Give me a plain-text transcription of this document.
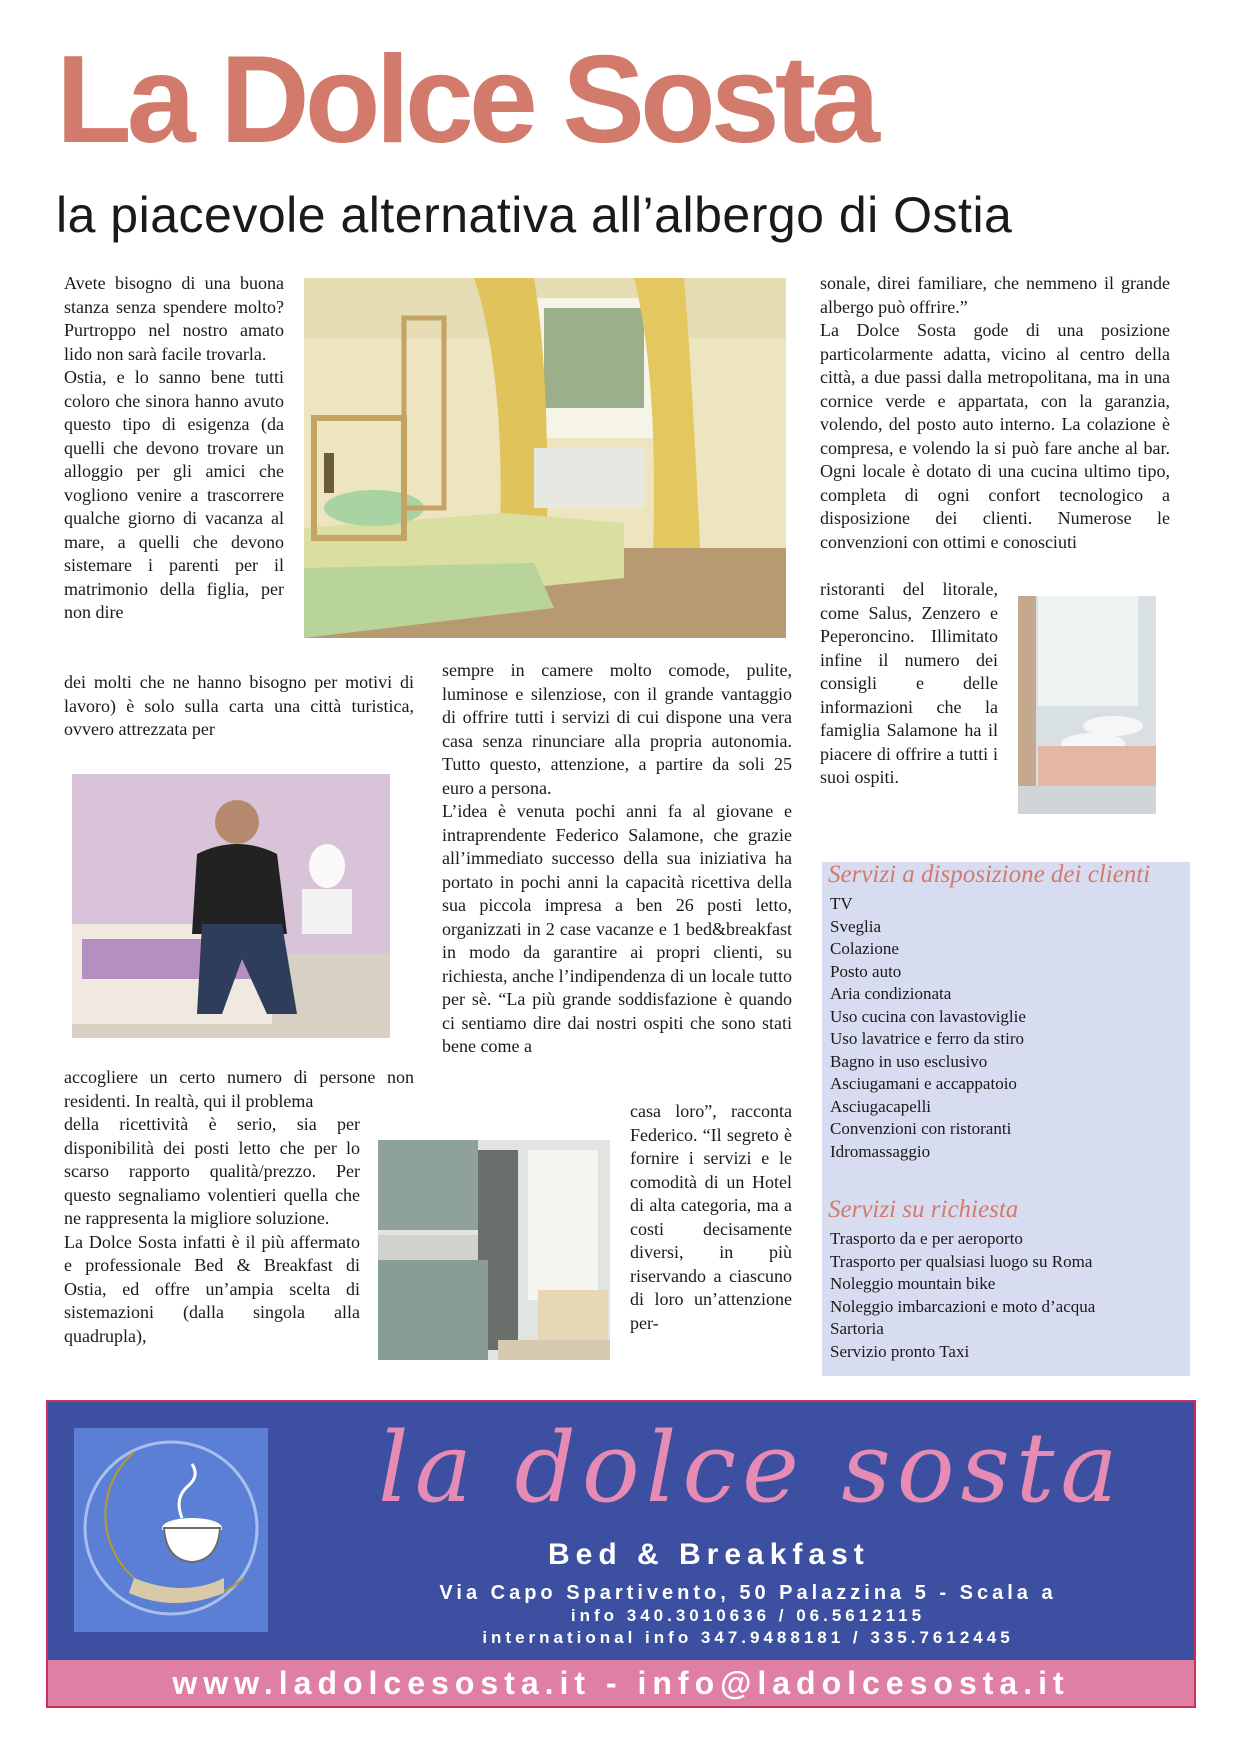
La Dolce Sosta
la piacevole alternativa all’albergo di Ostia

Avete bisogno di una buona stanza senza spendere molto? Purtroppo nel nostro amato lido non sarà facile trovarla.

Ostia, e lo sanno bene tutti coloro che sinora hanno avuto questo tipo di esigenza (da quelli che devono trovare un alloggio per gli amici che vogliono venire a trascorrere qualche giorno di vacanza al mare, a quelli che devono sistemare i parenti per il matrimonio della figlia, per non dire

dei molti che ne hanno bisogno per motivi di lavoro) è solo sulla carta una città turistica, ovvero attrezzata per

accogliere un certo numero di persone non residenti. In realtà, qui il problema

della ricettività è serio, sia per disponibilità dei posti letto che per lo scarso rapporto qualità/prezzo. Per questo segnaliamo volentieri quella che ne rappresenta la migliore soluzione.

La Dolce Sosta infatti è il più affermato e professionale Bed & Breakfast di Ostia, ed offre un’ampia scelta di sistemazioni (dalla singola alla quadrupla),

sempre in camere molto comode, pulite, luminose e silenziose, con il grande vantaggio di offrire tutti i servizi di cui dispone una vera casa senza rinunciare alla propria autonomia. Tutto questo, attenzione, a partire da soli 25 euro a persona.

L’idea è venuta pochi anni fa al giovane e intraprendente Federico Salamone, che grazie all’immediato successo della sua iniziativa ha portato in pochi anni la capacità ricettiva della sua piccola impresa a ben 26 posti letto, organizzati in 2 case vacanze e 1 bed&breakfast in modo da garantire ai propri clienti, su richiesta, anche l’indipendenza di un locale tutto per sè. “La più grande soddisfazione è quando ci sentiamo dire dai nostri ospiti che sono stati bene come a

casa loro”, racconta Federico. “Il segreto è fornire i servizi e le comodità di un Hotel di alta categoria, ma a costi decisamente diversi, in più riservando a ciascuno di loro un’attenzione per-

sonale, direi familiare, che nemmeno il grande albergo può offrire.”

La Dolce Sosta gode di una posizione particolarmente adatta, vicino al centro della città, a due passi dalla metropolitana, ma in una cornice verde e appartata, con la garanzia, volendo, del posto auto interno. La colazione è compresa, e volendo la si può fare anche al bar. Ogni locale è dotato di una cucina ultimo tipo, completa di ogni confort tecnologico a disposizione dei clienti. Numerose le convenzioni con ottimi e conosciuti

ristoranti del litorale, come Salus, Zenzero e Peperoncino. Illimitato infine il numero dei consigli e delle informazioni che la famiglia Salamone ha il piacere di offrire a tutti i suoi ospiti.

Servizi a disposizione dei clienti
TV
Sveglia
Colazione
Posto auto
Aria condizionata
Uso cucina con lavastoviglie
Uso lavatrice e ferro da stiro
Bagno in uso esclusivo
Asciugamani e accappatoio
Asciugacapelli
Convenzioni con ristoranti
Idromassaggio
Servizi su richiesta
Trasporto da e per aeroporto
Trasporto per qualsiasi luogo su Roma
Noleggio mountain bike
Noleggio imbarcazioni e moto d’acqua
Sartoria
Servizio pronto Taxi
la dolce sosta
Bed & Breakfast
Via Capo Spartivento, 50 Palazzina 5 - Scala a
info 340.3010636 / 06.5612115
international info 347.9488181 / 335.7612445
www.ladolcesosta.it - info@ladolcesosta.it
